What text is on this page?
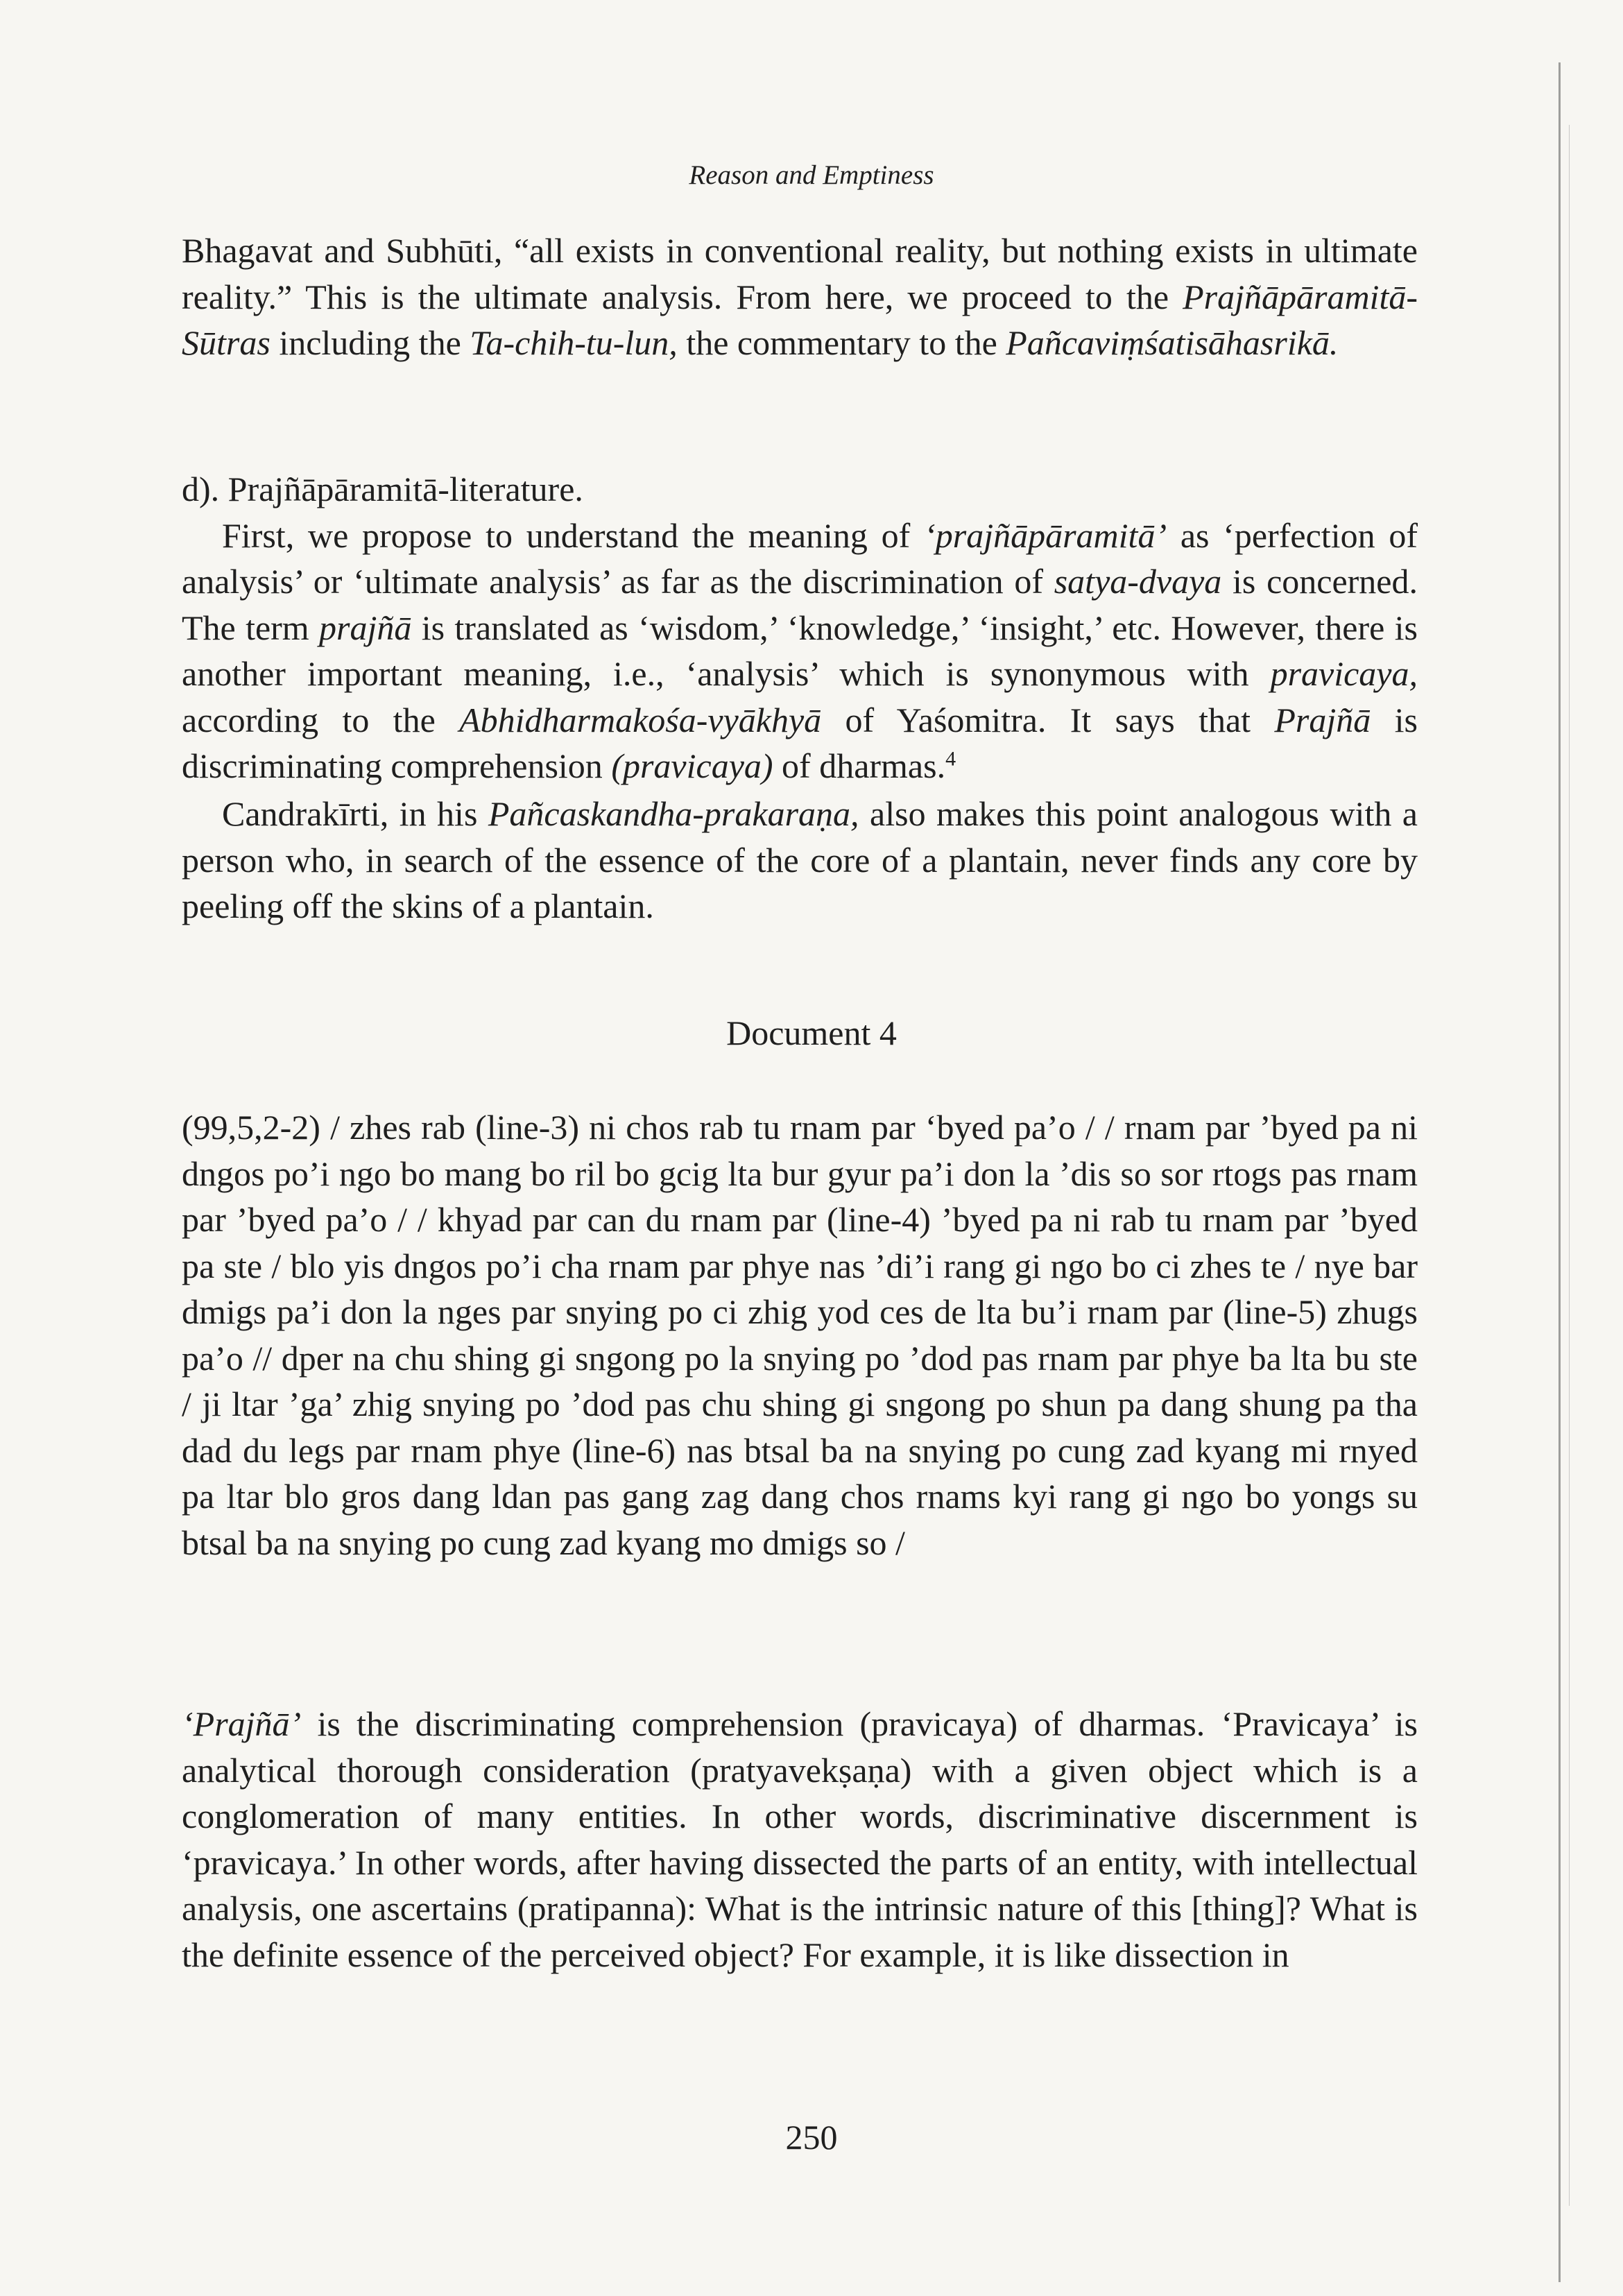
Reason and Emptiness

Bhagavat and Subhūti, “all exists in conventional reality, but nothing exists in ultimate reality.” This is the ultimate analysis. From here, we proceed to the Prajñāpāramitā-Sūtras including the Ta-chih-tu-lun, the commentary to the Pañcaviṃśatisāhasrikā.

d). Prajñāpāramitā-literature.

First, we propose to understand the meaning of ‘prajñāpāramitā’ as ‘perfection of analysis’ or ‘ultimate analysis’ as far as the discrimination of satya-dvaya is concerned. The term prajñā is translated as ‘wisdom,’ ‘knowledge,’ ‘insight,’ etc. However, there is another important meaning, i.e., ‘analysis’ which is synonymous with pravicaya, according to the Abhidharmakośa-vyākhyā of Yaśomitra. It says that Prajñā is discriminating comprehension (pravicaya) of dharmas.$^4$

Candrakīrti, in his Pañcaskandha-prakaraṇa, also makes this point analogous with a person who, in search of the essence of the core of a plantain, never finds any core by peeling off the skins of a plantain.

Document 4

(99,5,2-2) / zhes rab (line-3) ni chos rab tu rnam par ‘byed pa’o / / rnam par ’byed pa ni dngos po’i ngo bo mang bo ril bo gcig lta bur gyur pa’i don la ’dis so sor rtogs pas rnam par ’byed pa’o / / khyad par can du rnam par (line-4) ’byed pa ni rab tu rnam par ’byed pa ste / blo yis dngos po’i cha rnam par phye nas ’di’i rang gi ngo bo ci zhes te / nye bar dmigs pa’i don la nges par snying po ci zhig yod ces de lta bu’i rnam par (line-5) zhugs pa’o // dper na chu shing gi sngong po la snying po ’dod pas rnam par phye ba lta bu ste / ji ltar ’ga’ zhig snying po ’dod pas chu shing gi sngong po shun pa dang shung pa tha dad du legs par rnam phye (line-6) nas btsal ba na snying po cung zad kyang mi rnyed pa ltar blo gros dang ldan pas gang zag dang chos rnams kyi rang gi ngo bo yongs su btsal ba na snying po cung zad kyang mo dmigs so /

‘Prajñā’ is the discriminating comprehension (pravicaya) of dharmas. ‘Pravicaya’ is analytical thorough consideration (pratyavekṣaṇa) with a given object which is a conglomeration of many entities. In other words, discriminative discernment is ‘pravicaya.’ In other words, after having dissected the parts of an entity, with intellectual analysis, one ascertains (pratipanna): What is the intrinsic nature of this [thing]? What is the definite essence of the perceived object? For example, it is like dissection in

250
